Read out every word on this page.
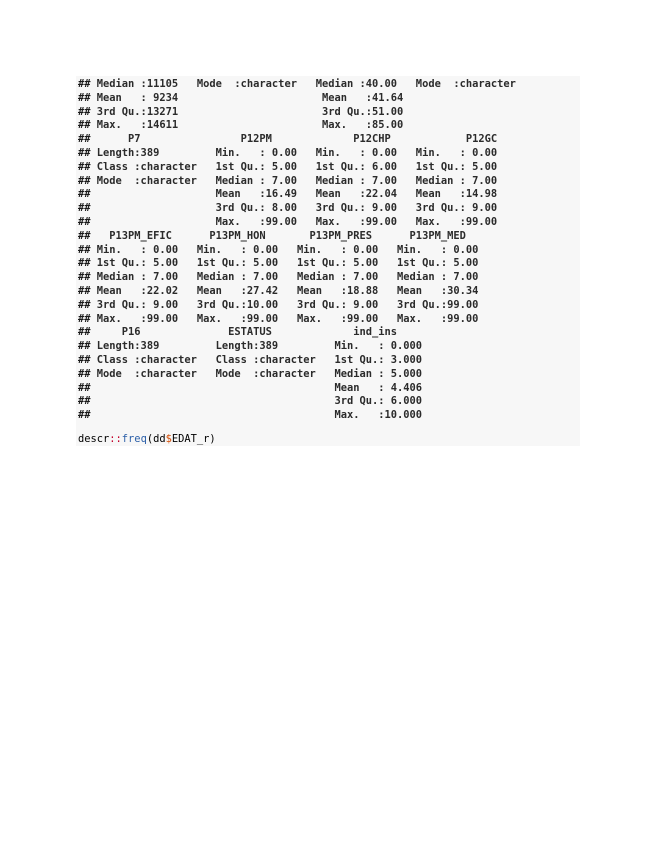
## Median :11105   Mode  :character   Median :40.00   Mode  :character
## Mean   : 9234                       Mean   :41.64
## 3rd Qu.:13271                       3rd Qu.:51.00
## Max.   :14611                       Max.   :85.00
##      P7                P12PM             P12CHP            P12GC
## Length:389         Min.   : 0.00   Min.   : 0.00   Min.   : 0.00
## Class :character   1st Qu.: 5.00   1st Qu.: 6.00   1st Qu.: 5.00
## Mode  :character   Median : 7.00   Median : 7.00   Median : 7.00
##                    Mean   :16.49   Mean   :22.04   Mean   :14.98
##                    3rd Qu.: 8.00   3rd Qu.: 9.00   3rd Qu.: 9.00
##                    Max.   :99.00   Max.   :99.00   Max.   :99.00
##   P13PM_EFIC      P13PM_HON       P13PM_PRES      P13PM_MED
## Min.   : 0.00   Min.   : 0.00   Min.   : 0.00   Min.   : 0.00
## 1st Qu.: 5.00   1st Qu.: 5.00   1st Qu.: 5.00   1st Qu.: 5.00
## Median : 7.00   Median : 7.00   Median : 7.00   Median : 7.00
## Mean   :22.02   Mean   :27.42   Mean   :18.88   Mean   :30.34
## 3rd Qu.: 9.00   3rd Qu.:10.00   3rd Qu.: 9.00   3rd Qu.:99.00
## Max.   :99.00   Max.   :99.00   Max.   :99.00   Max.   :99.00
##     P16              ESTATUS             ind_ins
## Length:389         Length:389         Min.   : 0.000
## Class :character   Class :character   1st Qu.: 3.000
## Mode  :character   Mode  :character   Median : 5.000
##                                       Mean   : 4.406
##                                       3rd Qu.: 6.000
##                                       Max.   :10.000
descr::freq(dd$EDAT_r)
